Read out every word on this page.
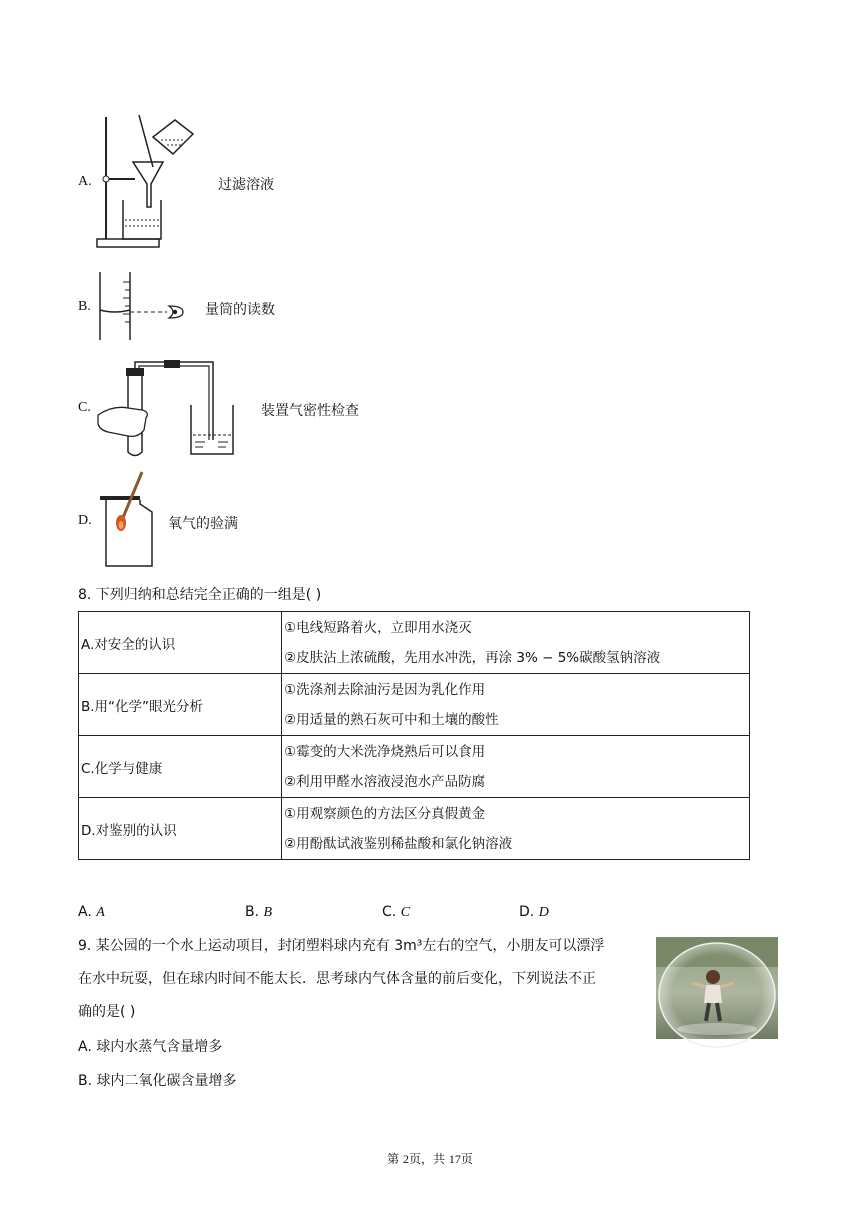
A.	过滤溶液
B.	量筒的读数
C.	装置气密性检查
D.	氧气的验满
8. 下列归纳和总结完全正确的一组是( )
A.对安全的认识	①电线短路着火，立即用水浇灭
②皮肤沾上浓硫酸，先用水冲洗，再涂 3% − 5%碳酸氢钠溶液

B.用“化学”眼光分析	①洗涤剂去除油污是因为乳化作用
②用适量的熟石灰可中和土壤的酸性

C.化学与健康	①霉变的大米洗净烧熟后可以食用
②利用甲醛水溶液浸泡水产品防腐

D.对鉴别的认识	①用观察颜色的方法区分真假黄金
②用酚酞试液鉴别稀盐酸和氯化钠溶液
A. A	B. B	C. C	D. D
9. 某公园的一个水上运动项目，封闭塑料球内充有 3m³左右的空气，小朋友可以漂浮
在水中玩耍，但在球内时间不能太长．思考球内气体含量的前后变化，下列说法不正
确的是( )
A. 球内水蒸气含量增多
B. 球内二氧化碳含量增多
第 2页，共 17页
